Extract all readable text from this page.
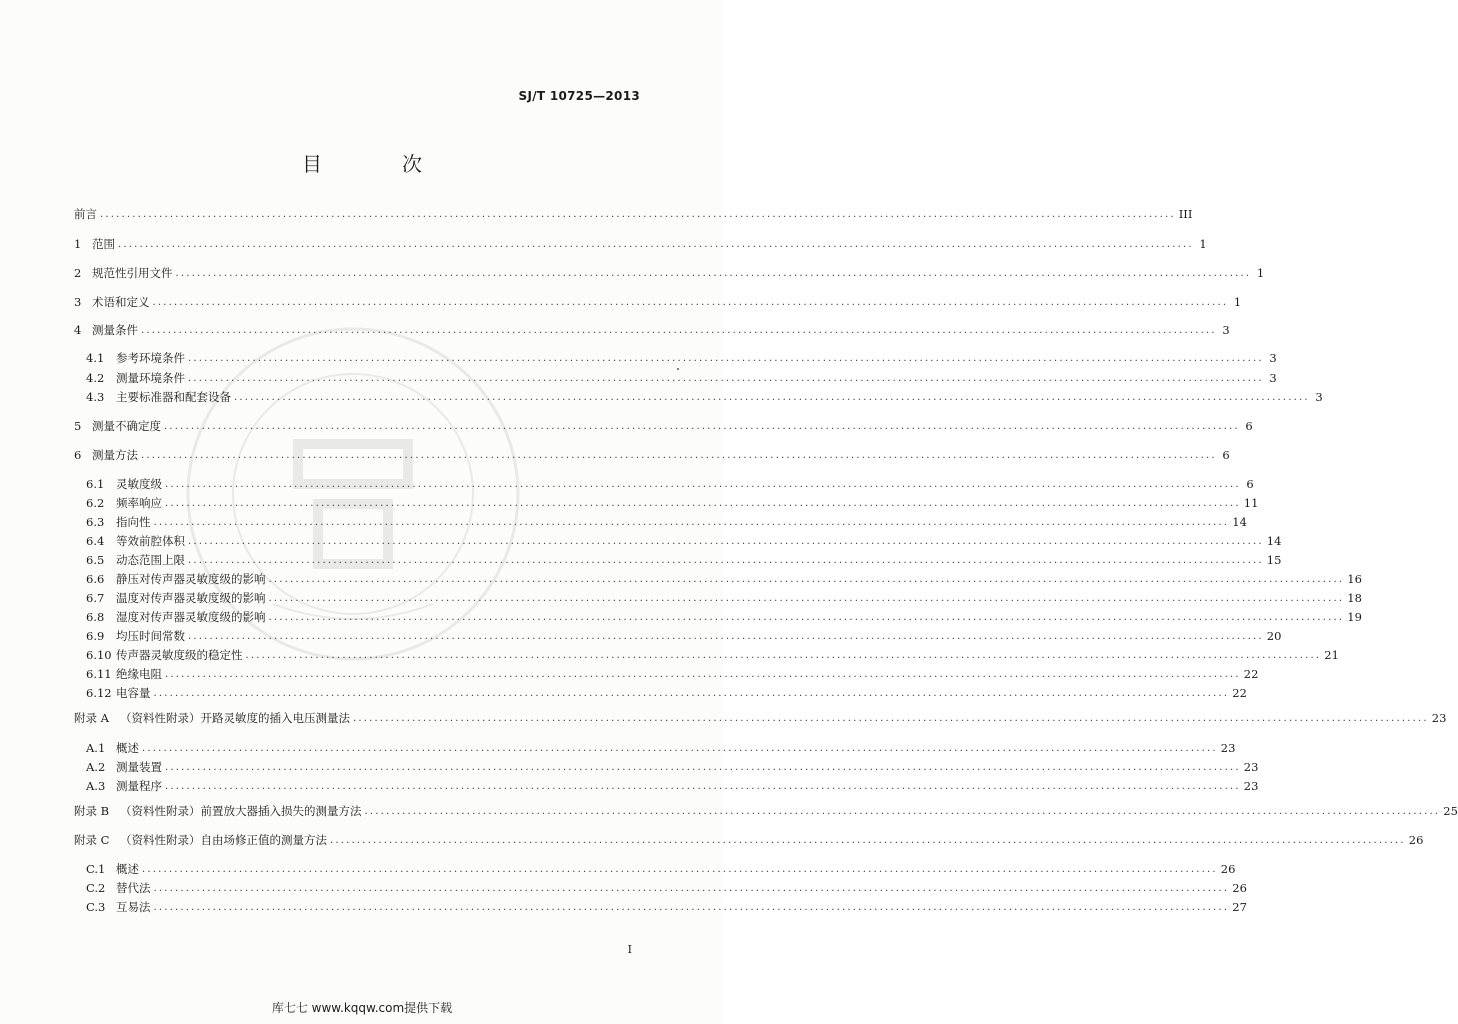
SJ/T 10725—2013
目　次
前言 ........................................................................................................................................................................................................ III
1 范围 ........................................................................................................................................................................................................ 1
2 规范性引用文件 ........................................................................................................................................................................................................ 1
3 术语和定义 ........................................................................................................................................................................................................ 1
4 测量条件 ........................................................................................................................................................................................................ 3
4.1	参考环境条件 ........................................................................................................................................................................................................ 3
4.2	测量环境条件 ........................................................................................................................................................................................................ 3
4.3	主要标准器和配套设备 ........................................................................................................................................................................................................ 3
5 测量不确定度 ........................................................................................................................................................................................................ 6
6 测量方法 ........................................................................................................................................................................................................ 6
6.1	灵敏度级 ........................................................................................................................................................................................................ 6
6.2	频率响应 ........................................................................................................................................................................................................ 11
6.3	指向性 ........................................................................................................................................................................................................ 14
6.4	等效前腔体积 ........................................................................................................................................................................................................ 14
6.5	动态范围上限 ........................................................................................................................................................................................................ 15
6.6	静压对传声器灵敏度级的影响 ........................................................................................................................................................................................................ 16
6.7	温度对传声器灵敏度级的影响 ........................................................................................................................................................................................................ 18
6.8	湿度对传声器灵敏度级的影响 ........................................................................................................................................................................................................ 19
6.9	均压时间常数 ........................................................................................................................................................................................................ 20
6.10 传声器灵敏度级的稳定性 ........................................................................................................................................................................................................ 21
6.11 绝缘电阻 ........................................................................................................................................................................................................ 22
6.12 电容量 ........................................................................................................................................................................................................ 22
附录 A （资料性附录）开路灵敏度的插入电压测量法 ........................................................................................................................................................................................................ 23
A.1 概述 ........................................................................................................................................................................................................ 23
A.2 测量装置 ........................................................................................................................................................................................................ 23
A.3 测量程序 ........................................................................................................................................................................................................ 23
附录 B （资料性附录）前置放大器插入损失的测量方法 ........................................................................................................................................................................................................ 25
附录 C （资料性附录）自由场修正值的测量方法 ........................................................................................................................................................................................................ 26
C.1 概述 ........................................................................................................................................................................................................ 26
C.2 替代法 ........................................................................................................................................................................................................ 26
C.3 互易法 ........................................................................................................................................................................................................ 27
I
库七七 www.kqqw.com提供下载
